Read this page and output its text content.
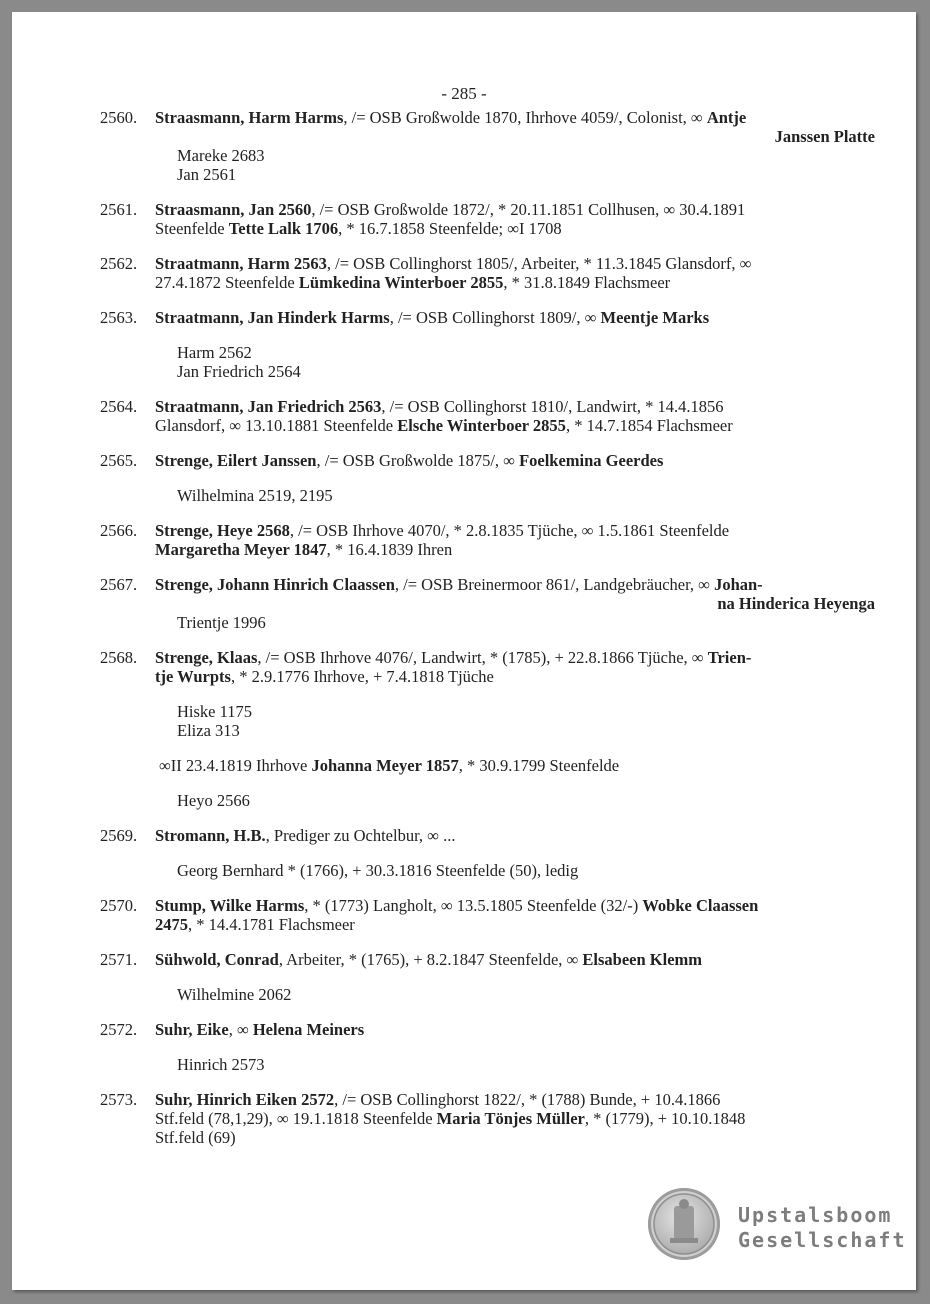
- 285 -
2560. Straasmann, Harm Harms, /= OSB Großwolde 1870, Ihrhove 4059/, Colonist, ∞ Antje
Janssen Platte
Mareke 2683
Jan 2561
2561. Straasmann, Jan 2560, /= OSB Großwolde 1872/, * 20.11.1851 Collhusen, ∞ 30.4.1891
Steenfelde Tette Lalk 1706, * 16.7.1858 Steenfelde; ∞I 1708
2562. Straatmann, Harm 2563, /= OSB Collinghorst 1805/, Arbeiter, * 11.3.1845 Glansdorf, ∞
27.4.1872 Steenfelde Lümkedina Winterboer 2855, * 31.8.1849 Flachsmeer
2563. Straatmann, Jan Hinderk Harms, /= OSB Collinghorst 1809/, ∞ Meentje Marks
Harm 2562
Jan Friedrich 2564
2564. Straatmann, Jan Friedrich 2563, /= OSB Collinghorst 1810/, Landwirt, * 14.4.1856
Glansdorf, ∞ 13.10.1881 Steenfelde Elsche Winterboer 2855, * 14.7.1854 Flachsmeer
2565. Strenge, Eilert Janssen, /= OSB Großwolde 1875/, ∞ Foelkemina Geerdes
Wilhelmina 2519, 2195
2566. Strenge, Heye 2568, /= OSB Ihrhove 4070/, * 2.8.1835 Tjüche, ∞ 1.5.1861 Steenfelde
Margaretha Meyer 1847, * 16.4.1839 Ihren
2567. Strenge, Johann Hinrich Claassen, /= OSB Breinermoor 861/, Landgebräucher, ∞ Johan-
na Hinderica Heyenga
Trientje 1996
2568. Strenge, Klaas, /= OSB Ihrhove 4076/, Landwirt, * (1785), + 22.8.1866 Tjüche, ∞ Trien-
tje Wurpts, * 2.9.1776 Ihrhove, + 7.4.1818 Tjüche
Hiske 1175
Eliza 313
∞II 23.4.1819 Ihrhove Johanna Meyer 1857, * 30.9.1799 Steenfelde
Heyo 2566
2569. Stromann, H.B., Prediger zu Ochtelbur, ∞ ...
Georg Bernhard * (1766), + 30.3.1816 Steenfelde (50), ledig
2570. Stump, Wilke Harms, * (1773) Langholt, ∞ 13.5.1805 Steenfelde (32/-) Wobke Claassen
2475, * 14.4.1781 Flachsmeer
2571. Sühwold, Conrad, Arbeiter, * (1765), + 8.2.1847 Steenfelde, ∞ Elsabeen Klemm
Wilhelmine 2062
2572. Suhr, Eike, ∞ Helena Meiners
Hinrich 2573
2573. Suhr, Hinrich Eiken 2572, /= OSB Collinghorst 1822/, * (1788) Bunde, + 10.4.1866
Stf.feld (78,1,29), ∞ 19.1.1818 Steenfelde Maria Tönjes Müller, * (1779), + 10.10.1848
Stf.feld (69)
Upstalsboom
Gesellschaft
